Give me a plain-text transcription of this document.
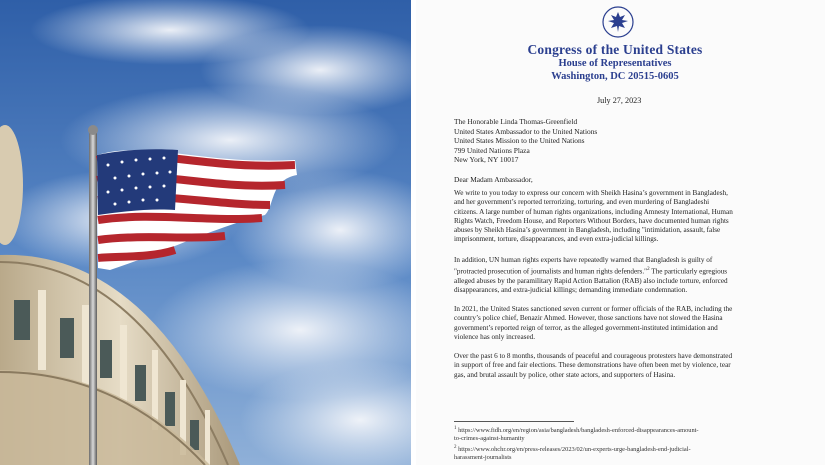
Congress of the United States
House of Representatives
Washington, DC 20515-0605
July 27, 2023
The Honorable Linda Thomas-Greenfield
United States Ambassador to the United Nations
United States Mission to the United Nations
799 United Nations Plaza
New York, NY 10017
Dear Madam Ambassador,
We write to you today to express our concern with Sheikh Hasina’s government in Bangladesh,
and her government’s reported terrorizing, torturing, and even murdering of Bangladeshi
citizens. A large number of human rights organizations, including Amnesty International, Human
Rights Watch, Freedom House, and Reporters Without Borders, have documented human rights
abuses by Sheikh Hasina’s government in Bangladesh, including "intimidation, assault, false
imprisonment, torture, disappearances, and even extra-judicial killings.
In addition, UN human rights experts have repeatedly warned that Bangladesh is guilty of
"protracted prosecution of journalists and human rights defenders."$^2$ The particularly egregious
alleged abuses by the paramilitary Rapid Action Battalion (RAB) also include torture, enforced
disappearances, and extra-judicial killings; demanding immediate condemnation.
In 2021, the United States sanctioned seven current or former officials of the RAB, including the
country’s police chief, Benazir Ahmed. However, those sanctions have not slowed the Hasina
government’s reported reign of terror, as the alleged government-instituted intimidation and
violence has only increased.
Over the past 6 to 8 months, thousands of peaceful and courageous protesters have demonstrated
in support of free and fair elections. These demonstrations have often been met by violence, tear
gas, and brutal assault by police, other state actors, and supporters of Hasina.
$^1$ https://www.fidh.org/en/region/asia/bangladesh/bangladesh-enforced-disappearances-amount-
to-crimes-against-humanity
$^2$ https://www.ohchr.org/en/press-releases/2023/02/un-experts-urge-bangladesh-end-judicial-
harassment-journalists
